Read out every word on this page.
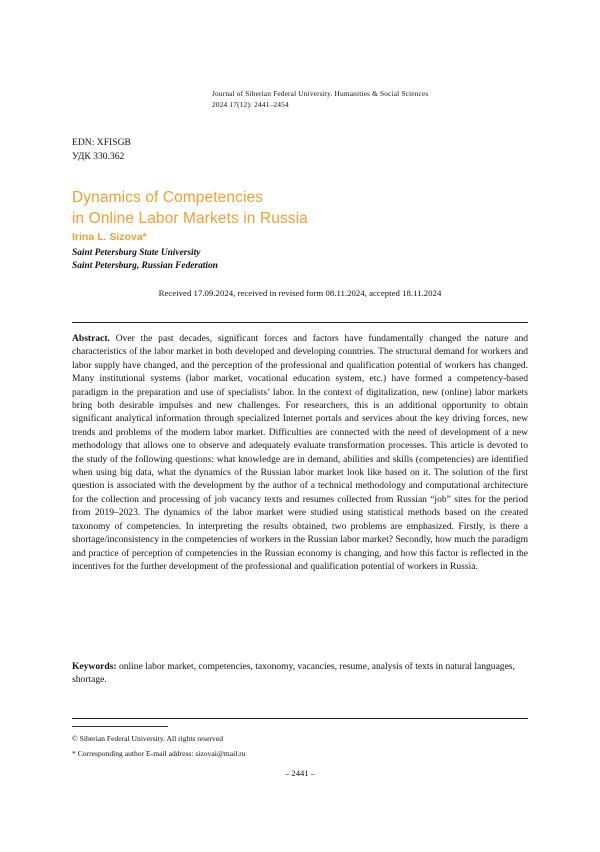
Journal of Siberian Federal University. Humanities & Social Sciences
2024 17(12): 2441–2454
EDN: XFISGB
УДК 330.362
Dynamics of Competencies
in Online Labor Markets in Russia
Irina L. Sizova*
Saint Petersburg State University
Saint Petersburg, Russian Federation
Received 17.09.2024, received in revised form 08.11.2024, accepted 18.11.2024
Abstract. Over the past decades, significant forces and factors have fundamentally changed the nature and characteristics of the labor market in both developed and developing countries. The structural demand for workers and labor supply have changed, and the perception of the professional and qualification potential of workers has changed. Many institutional systems (labor market, vocational education system, etc.) have formed a competency-based paradigm in the preparation and use of specialists’ labor. In the context of digitalization, new (online) labor markets bring both desirable impulses and new challenges. For researchers, this is an additional opportunity to obtain significant analytical information through specialized Internet portals and services about the key driving forces, new trends and problems of the modern labor market. Difficulties are connected with the need of development of a new methodology that allows one to observe and adequately evaluate transformation processes. This article is devoted to the study of the following questions: what knowledge are in demand, abilities and skills (competencies) are identified when using big data, what the dynamics of the Russian labor market look like based on it. The solution of the first question is associated with the development by the author of a technical methodology and computational architecture for the collection and processing of job vacancy texts and resumes collected from Russian “job” sites for the period from 2019–2023. The dynamics of the labor market were studied using statistical methods based on the created taxonomy of competencies. In interpreting the results obtained, two problems are emphasized. Firstly, is there a shortage/inconsistency in the competencies of workers in the Russian labor market? Secondly, how much the paradigm and practice of perception of competencies in the Russian economy is changing, and how this factor is reflected in the incentives for the further development of the professional and qualification potential of workers in Russia.
Keywords: online labor market, competencies, taxonomy, vacancies, resume, analysis of texts in natural languages, shortage.
© Siberian Federal University. All rights reserved
* Corresponding author E-mail address: sizovai@mail.ru
– 2441 –
